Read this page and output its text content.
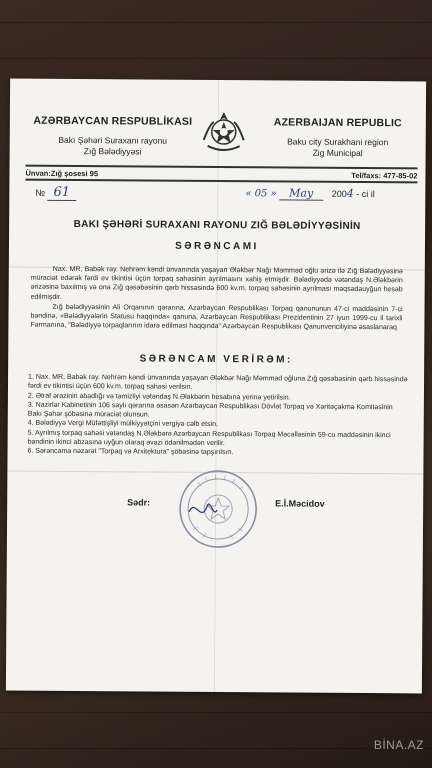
AZƏRBAYCAN RESPUBLİKASI
Bakı Şəhəri Suraxanı rayonu
Zığ Bələdiyyəsi
AZERBAIJAN REPUBLIC
Baku city Surakhani region
Zig Municipal
Ünvan:Zığ şosesi 95	Tel/faxs: 477-85-02
№ 61	« 05 » May 2004 - ci il
BAKI ŞƏHƏRİ SURAXANI RAYONU ZIĞ BƏLƏDİYYƏSİNİN
SƏRƏNCAMI
Nax. MR, Babək ray. Nehrəm kəndi ünvanında yaşayan Ələkbər Nağı Məmməd oğlu ərizə ilə Zığ Bələdiyyəsinə müraciət edərək fərdi ev tikintisi üçün torpaq sahəsinin ayrılmasını xahiş etmişdir. Bələdiyyədə vətəndaş N.Ələkbərin ərizəsinə baxılmış və ona Zığ qəsəbəsinin qərb hissəsində 600 kv.m. torpaq sahəsinin ayrılması məqsədəuyğun hesab edilmişdir.
Zığ bələdiyyəsinin Ali Orqanının qərarına, Azərbaycan Respublikası Torpaq qanununun 47-ci maddəsinin 7-ci bəndinə, «Bələdiyyələrin Statusu haqqında» qanuna, Azərbaycan Respublikası Prezidentinin 27 iyun 1999-cu il tarixli Fərmanına, "Bələdiyyə torpaqlarının idarə edilməsi haqqında" Azərbaycan Respublikası Qanunvericiliyinə əsaslanaraq
SƏRƏNCAM VERİRƏM:
1. Nax. MR, Babək ray. Nehrəm kəndi ünvanında yaşayan Ələkbər Nağı Məmməd oğluna Zığ qəsəbəsinin qərb hissəsində fərdi ev tikintisi üçün 600 kv.m. torpaq sahəsi verilsin.
2. Ətraf ərazinin abadlığı və təmizliyi vətəndaş N.Ələkbərin hesabına yerinə yetirilsin.
3. Nazirlər Kabinetinin 106 saylı qərarına əsasən Azərbaycan Respublikası Dövlət Torpaq və Xəritəçəkmə Komitəsinin Bakı Şəhər şöbəsinə müraciət olunsun.
4. Bələdiyyə Vergi Müfəttişliyi mülkiyyətçini vergiyə cəlb etsin.
5. Ayrılmış torpaq sahəsi vətəndaş N.Ələkbərə Azərbaycan Respublikası Torpaq Məcəlləsinin 59-cu maddəsinin ikinci bəndinin ikinci abzasına uyğun olaraq əvəzi ödənilmədən verilir.
6. Sərəncama nəzarət "Torpaq və Arxitektura" şöbəsinə tapşırılsın.
Sədr:	E.İ.Məcidov
BİNA.AZ
